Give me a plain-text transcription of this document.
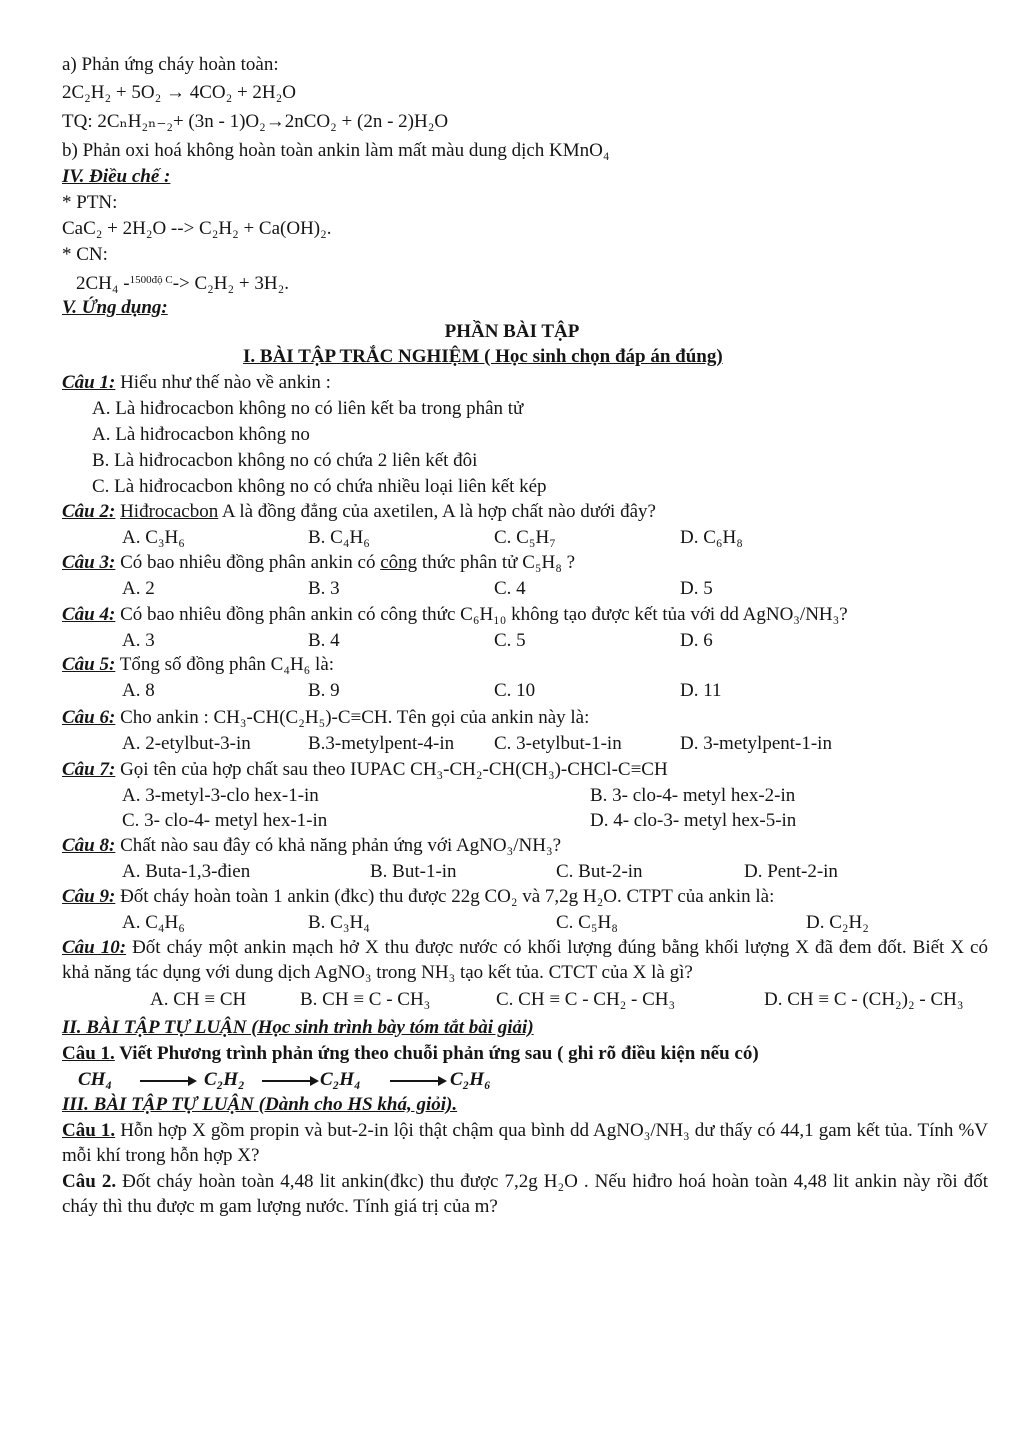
a) Phản ứng cháy hoàn toàn:
2C₂H₂ + 5O₂ → 4CO₂ + 2H₂O
TQ: 2CₙH₂ₙ₋₂+ (3n - 1)O₂→2nCO₂ + (2n - 2)H₂O
b) Phản oxi hoá không hoàn toàn ankin làm mất màu dung dịch KMnO₄
IV. Điều chế :
* PTN:
CaC₂ + 2H₂O --> C₂H₂ + Ca(OH)₂.
* CN:
2CH₄ -$^{1500độ C}$-> C₂H₂ + 3H₂.
V. Ứng dụng:
PHẦN BÀI TẬP
I. BÀI TẬP TRẮC NGHIỆM ( Học sinh chọn đáp án đúng)
Câu 1: Hiểu như thế nào về ankin :
A. Là hiđrocacbon không no có liên kết ba trong phân tử
A. Là hiđrocacbon không no
B. Là hiđrocacbon không no có chứa 2 liên kết đôi
C. Là hiđrocacbon không no có chứa nhiều loại liên kết kép
Câu 2: Hiđrocacbon A là đồng đẳng của axetilen, A là hợp chất nào dưới đây?
A. C₃H₆	B. C₄H₆	C. C₅H₇	D. C₆H₈
Câu 3: Có bao nhiêu đồng phân ankin có công thức phân tử C₅H₈ ?
A. 2	B. 3	C. 4	D. 5
Câu 4: Có bao nhiêu đồng phân ankin có công thức C₆H₁₀ không tạo được kết tủa với dd AgNO₃/NH₃?
A. 3	B. 4	C. 5	D. 6
Câu 5: Tổng số đồng phân C₄H₆ là:
A. 8	B. 9	C. 10	D. 11
Câu 6: Cho ankin : CH₃-CH(C₂H₅)-C≡CH. Tên gọi của ankin này là:
A. 2-etylbut-3-in	B.3-metylpent-4-in C. 3-etylbut-1-in	D. 3-metylpent-1-in
Câu 7: Gọi tên của hợp chất sau theo IUPAC CH₃-CH₂-CH(CH₃)-CHCl-C≡CH
A. 3-metyl-3-clo hex-1-in	B. 3- clo-4- metyl hex-2-in
C. 3- clo-4- metyl hex-1-in	D. 4- clo-3- metyl hex-5-in
Câu 8: Chất nào sau đây có khả năng phản ứng với AgNO₃/NH₃?
A. Buta-1,3-đien	B. But-1-in	C. But-2-in	D. Pent-2-in
Câu 9: Đốt cháy hoàn toàn 1 ankin (đkc) thu được 22g CO₂ và 7,2g H₂O. CTPT của ankin là:
A. C₄H₆	B. C₃H₄	C. C₅H₈	D. C₂H₂
Câu 10: Đốt cháy một ankin mạch hở X thu được nước có khối lượng đúng bằng khối lượng X đã đem đốt. Biết X có khả năng tác dụng với dung dịch AgNO₃ trong NH₃ tạo kết tủa. CTCT của X là gì?
A. CH ≡ CH	B. CH ≡ C - CH₃	C. CH ≡ C - CH₂ - CH₃	D. CH ≡ C - (CH₂)₂ - CH₃
II. BÀI TẬP TỰ LUẬN (Học sinh trình bày tóm tắt bài giải)
Câu 1. Viết Phương trình phản ứng theo chuỗi phản ứng sau ( ghi rõ điều kiện nếu có)
CH₄	C₂H₂	C₂H₄	C₂H₆
III. BÀI TẬP TỰ LUẬN (Dành cho HS khá, giỏi).
Câu 1. Hỗn hợp X gồm propin và but-2-in lội thật chậm qua bình dd AgNO₃/NH₃ dư thấy có 44,1 gam kết tủa. Tính %V mỗi khí trong hỗn hợp X?
Câu 2. Đốt cháy hoàn toàn 4,48 lit ankin(đkc) thu được 7,2g H₂O . Nếu hiđro hoá hoàn toàn 4,48 lit ankin này rồi đốt cháy thì thu được m gam lượng nước. Tính giá trị của m?
